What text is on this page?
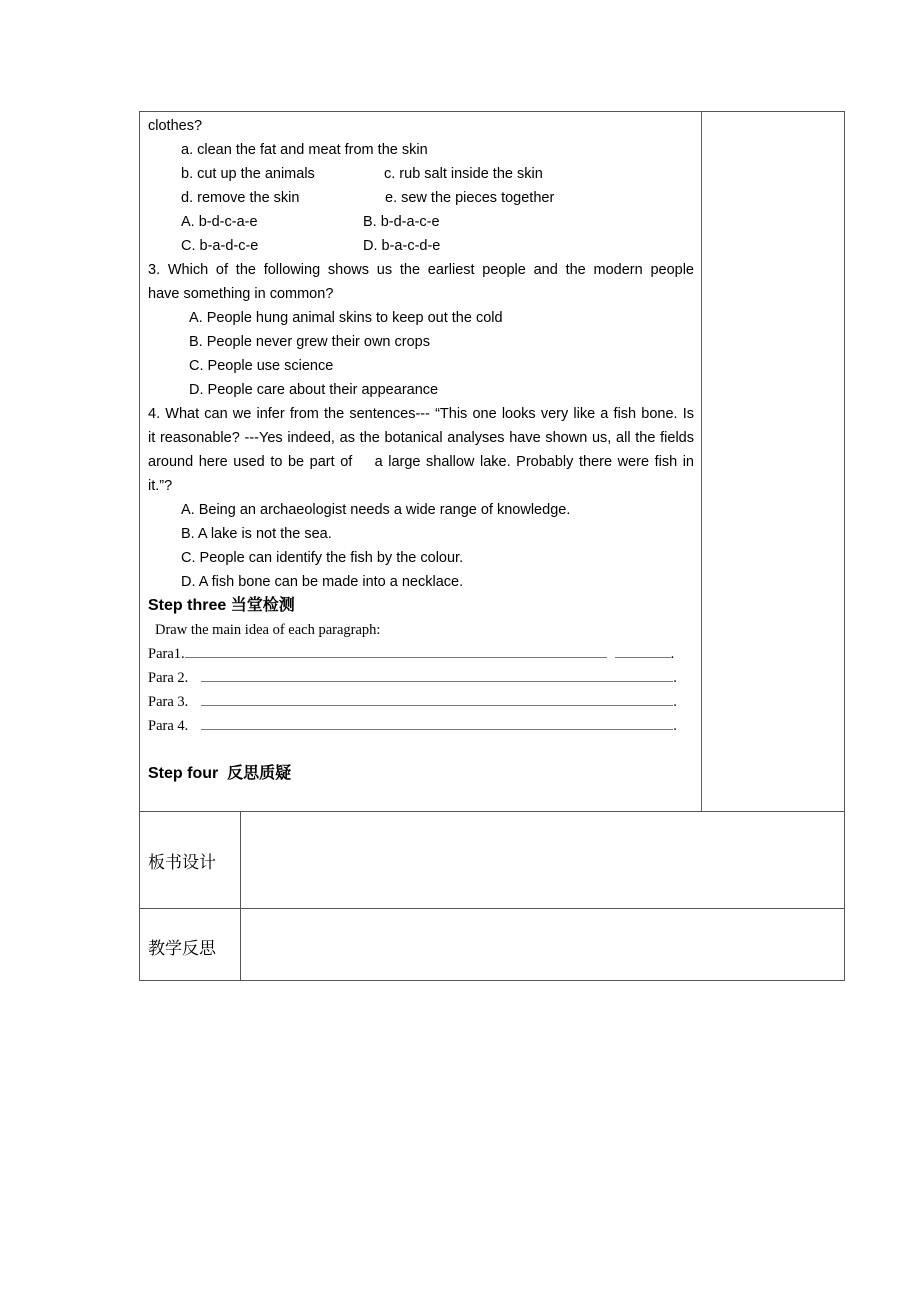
clothes?
a. clean the fat and meat from the skin
b. cut up the animals	c. rub salt inside the skin
d. remove the skin	e. sew the pieces together
A. b-d-c-a-e	B. b-d-a-c-e
C. b-a-d-c-e	D. b-a-c-d-e
3. Which of the following shows us the earliest people and the modern people
have something in common?
A. People hung animal skins to keep out the cold
B. People never grew their own crops
C. People use science
D. People care about their appearance
4. What can we infer from the sentences--- “This one looks very like a fish bone. Is
it reasonable? ---Yes indeed, as the botanical analyses have shown us, all the fields
around here used to be part of    a large shallow lake. Probably there were fish in
it.”?
A. Being an archaeologist needs a wide range of knowledge.
B. A lake is not the sea.
C. People can identify the fish by the colour.
D. A fish bone can be made into a necklace.
Step three 当堂检测
Draw the main idea of each paragraph:
Para1.	.
Para 2.	.
Para 3.	.
Para 4.	.
Step four  反思质疑
板书设计
教学反思
